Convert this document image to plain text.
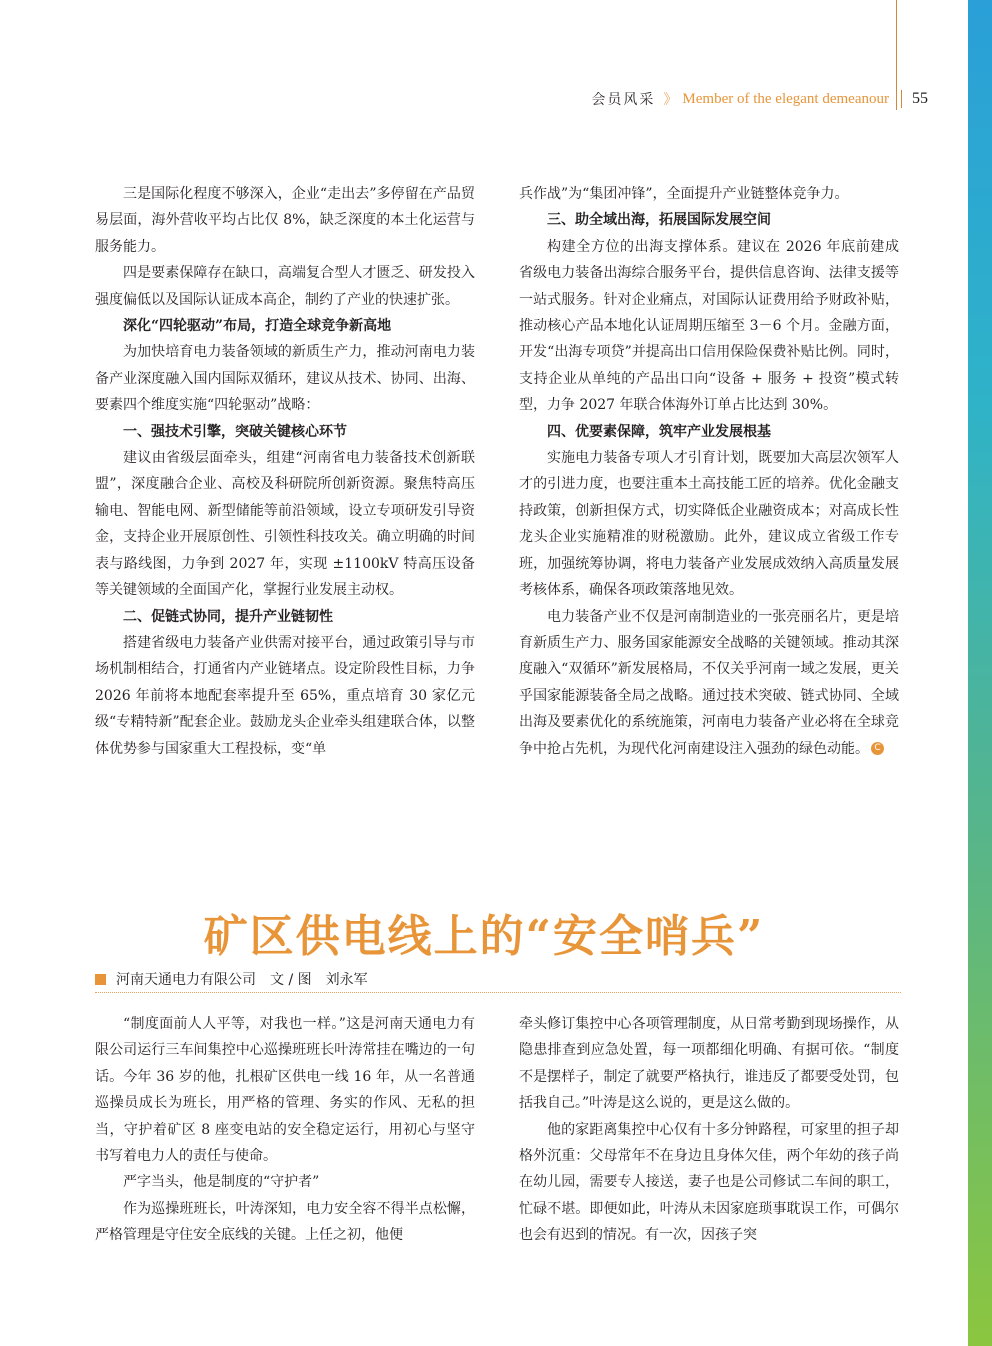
会员风采 》 Member of the elegant demeanour 55

三是国际化程度不够深入，企业“走出去”多停留在产品贸易层面，海外营收平均占比仅 8%，缺乏深度的本土化运营与服务能力。

四是要素保障存在缺口，高端复合型人才匮乏、研发投入强度偏低以及国际认证成本高企，制约了产业的快速扩张。

深化“四轮驱动”布局，打造全球竞争新高地

为加快培育电力装备领域的新质生产力，推动河南电力装备产业深度融入国内国际双循环，建议从技术、协同、出海、要素四个维度实施“四轮驱动”战略：

一、强技术引擎，突破关键核心环节

建议由省级层面牵头，组建“河南省电力装备技术创新联盟”，深度融合企业、高校及科研院所创新资源。聚焦特高压输电、智能电网、新型储能等前沿领域，设立专项研发引导资金，支持企业开展原创性、引领性科技攻关。确立明确的时间表与路线图，力争到 2027 年，实现 ±1100kV 特高压设备等关键领域的全面国产化，掌握行业发展主动权。

二、促链式协同，提升产业链韧性

搭建省级电力装备产业供需对接平台，通过政策引导与市场机制相结合，打通省内产业链堵点。设定阶段性目标，力争 2026 年前将本地配套率提升至 65%，重点培育 30 家亿元级“专精特新”配套企业。鼓励龙头企业牵头组建联合体，以整体优势参与国家重大工程投标，变“单

兵作战”为“集团冲锋”，全面提升产业链整体竞争力。

三、助全域出海，拓展国际发展空间

构建全方位的出海支撑体系。建议在 2026 年底前建成省级电力装备出海综合服务平台，提供信息咨询、法律支援等一站式服务。针对企业痛点，对国际认证费用给予财政补贴，推动核心产品本地化认证周期压缩至 3－6 个月。金融方面，开发“出海专项贷”并提高出口信用保险保费补贴比例。同时，支持企业从单纯的产品出口向“设备 + 服务 + 投资”模式转型，力争 2027 年联合体海外订单占比达到 30%。

四、优要素保障，筑牢产业发展根基

实施电力装备专项人才引育计划，既要加大高层次领军人才的引进力度，也要注重本土高技能工匠的培养。优化金融支持政策，创新担保方式，切实降低企业融资成本；对高成长性龙头企业实施精准的财税激励。此外，建议成立省级工作专班，加强统筹协调，将电力装备产业发展成效纳入高质量发展考核体系，确保各项政策落地见效。

电力装备产业不仅是河南制造业的一张亮丽名片，更是培育新质生产力、服务国家能源安全战略的关键领域。推动其深度融入“双循环”新发展格局，不仅关乎河南一域之发展，更关乎国家能源装备全局之战略。通过技术突破、链式协同、全域出海及要素优化的系统施策，河南电力装备产业必将在全球竞争中抢占先机，为现代化河南建设注入强劲的绿色动能。 C

矿区供电线上的“安全哨兵”
河南天通电力有限公司 文 / 图 刘永军

“制度面前人人平等，对我也一样。”这是河南天通电力有限公司运行三车间集控中心巡操班班长叶涛常挂在嘴边的一句话。今年 36 岁的他，扎根矿区供电一线 16 年，从一名普通巡操员成长为班长，用严格的管理、务实的作风、无私的担当，守护着矿区 8 座变电站的安全稳定运行，用初心与坚守书写着电力人的责任与使命。

严字当头，他是制度的“守护者”

作为巡操班班长，叶涛深知，电力安全容不得半点松懈，严格管理是守住安全底线的关键。上任之初，他便

牵头修订集控中心各项管理制度，从日常考勤到现场操作，从隐患排查到应急处置，每一项都细化明确、有据可依。“制度不是摆样子，制定了就要严格执行，谁违反了都要受处罚，包括我自己。”叶涛是这么说的，更是这么做的。

他的家距离集控中心仅有十多分钟路程，可家里的担子却格外沉重：父母常年不在身边且身体欠佳，两个年幼的孩子尚在幼儿园，需要专人接送，妻子也是公司修试二车间的职工，忙碌不堪。即便如此，叶涛从未因家庭琐事耽误工作，可偶尔也会有迟到的情况。有一次，因孩子突
